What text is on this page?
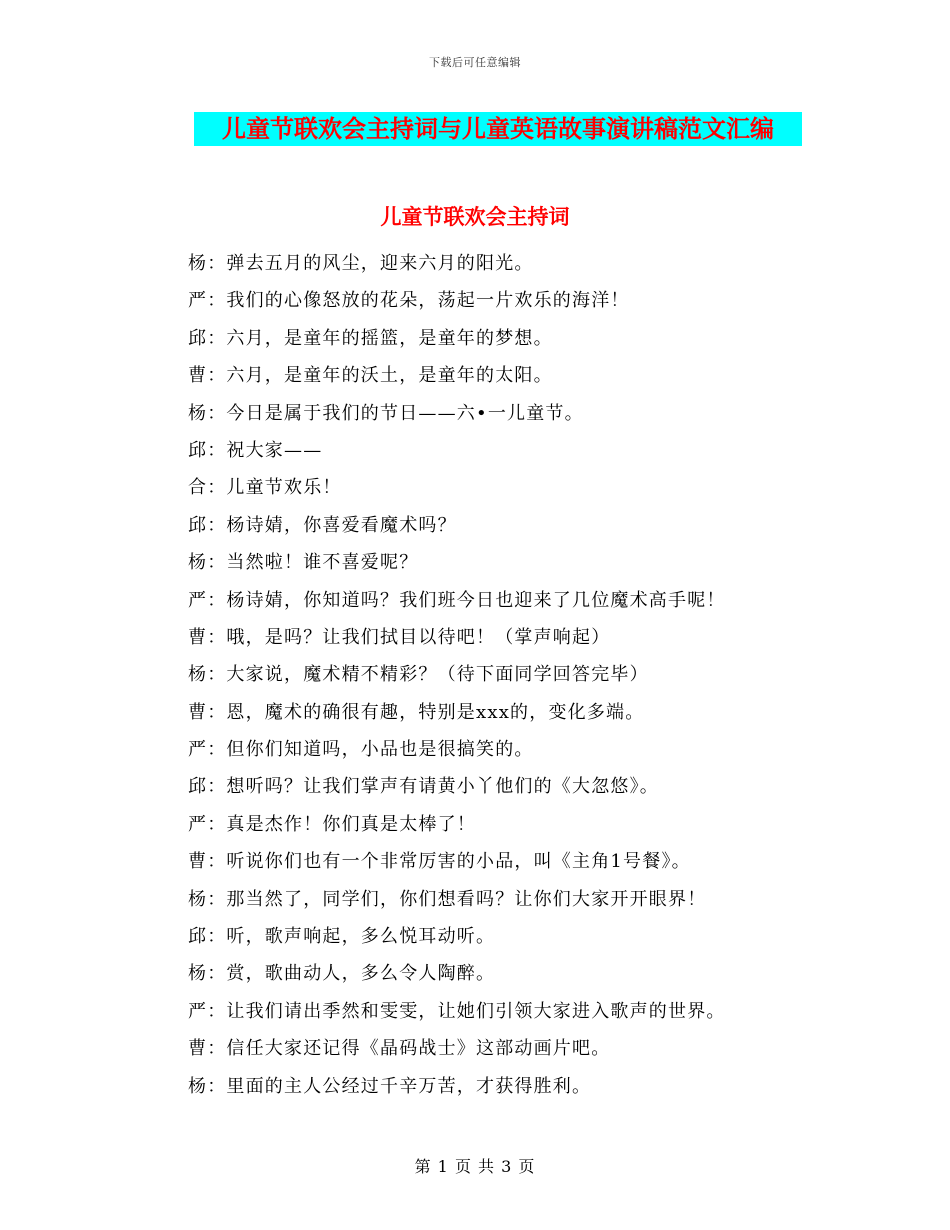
下载后可任意编辑
儿童节联欢会主持词与儿童英语故事演讲稿范文汇编
儿童节联欢会主持词
杨：弹去五月的风尘，迎来六月的阳光。
严：我们的心像怒放的花朵，荡起一片欢乐的海洋！
邱：六月，是童年的摇篮，是童年的梦想。
曹：六月，是童年的沃土，是童年的太阳。
杨：今日是属于我们的节日——六•一儿童节。
邱：祝大家——
合：儿童节欢乐！
邱：杨诗婧，你喜爱看魔术吗？
杨：当然啦！谁不喜爱呢？
严：杨诗婧，你知道吗？我们班今日也迎来了几位魔术高手呢！
曹：哦，是吗？让我们拭目以待吧！（掌声响起）
杨：大家说，魔术精不精彩？（待下面同学回答完毕）
曹：恩，魔术的确很有趣，特别是xxx的，变化多端。
严：但你们知道吗，小品也是很搞笑的。
邱：想听吗？让我们掌声有请黄小丫他们的《大忽悠》。
严：真是杰作！你们真是太棒了！
曹：听说你们也有一个非常厉害的小品，叫《主角1号餐》。
杨：那当然了，同学们，你们想看吗？让你们大家开开眼界！
邱：听，歌声响起，多么悦耳动听。
杨：赏，歌曲动人，多么令人陶醉。
严：让我们请出季然和雯雯，让她们引领大家进入歌声的世界。
曹：信任大家还记得《晶码战士》这部动画片吧。
杨：里面的主人公经过千辛万苦，才获得胜利。
第 1 页 共 3 页
